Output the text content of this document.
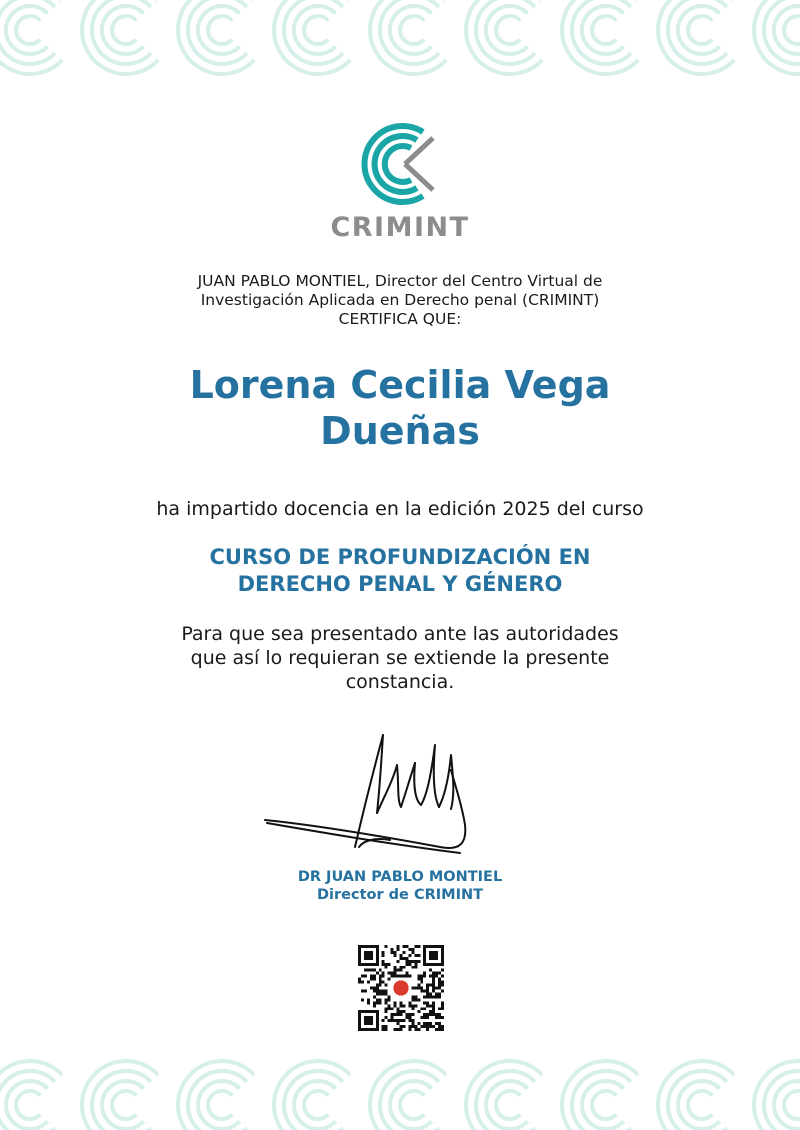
CRIMINT
JUAN PABLO MONTIEL, Director del Centro Virtual de
Investigación Aplicada en Derecho penal (CRIMINT)
CERTIFICA QUE:
Lorena Cecilia Vega
Dueñas
ha impartido docencia en la edición 2025 del curso
CURSO DE PROFUNDIZACIÓN EN
DERECHO PENAL Y GÉNERO
Para que sea presentado ante las autoridades
que así lo requieran se extiende la presente
constancia.
DR JUAN PABLO MONTIEL
Director de CRIMINT
